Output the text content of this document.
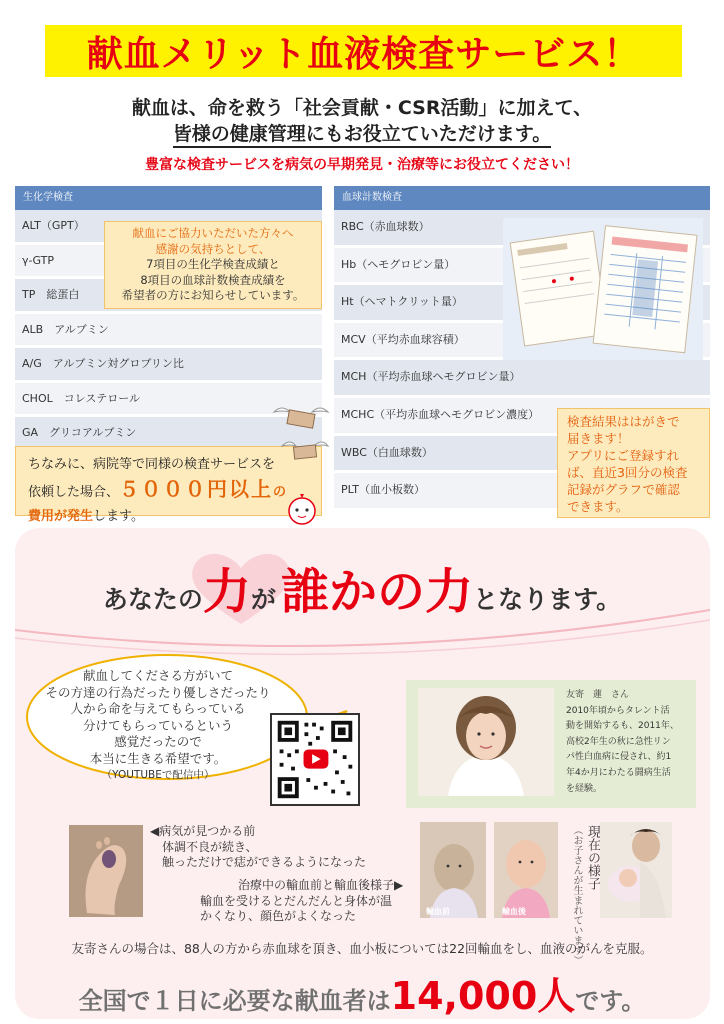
献血メリット血液検査サービス！
献血は、命を救う「社会貢献・CSR活動」に加えて、
皆様の健康管理にもお役立ていただけます。
豊富な検査サービスを病気の早期発見・治療等にお役立てください！
生化学検査
ALT（GPT）
γ-GTP
TP　総蛋白
ALB　アルブミン
A/G　アルブミン対グロブリン比
CHOL　コレステロール
GA　グリコアルブミン
血球計数検査
RBC（赤血球数）
Hb（ヘモグロビン量）
Ht（ヘマトクリット量）
MCV（平均赤血球容積）
MCH（平均赤血球ヘモグロビン量）
MCHC（平均赤血球ヘモグロビン濃度）
WBC（白血球数）
PLT（血小板数）
献血にご協力いただいた方々へ
感謝の気持ちとして、
7項目の生化学検査成績と
8項目の血球計数検査成績を
希望者の方にお知らせしています。
検査結果ははがきで
届きます！
アプリにご登録すれ
ば、直近3回分の検査
記録がグラフで確認
できます。
ちなみに、病院等で同様の検査サービスを
依頼した場合、５０００円以上の
費用が発生します。
あなたの力が 誰かの力となります。
献血してくださる方がいて
その方達の行為だったり優しさだったり
人から命を与えてもらっている
分けてもらっているという
感覚だったので
本当に生きる希望です。
（YOUTUBEで配信中）
友寄　蓮　さん
2010年頃からタレント活
動を開始するも、2011年、
高校2年生の秋に急性リン
パ性白血病に侵され、約1
年4か月にわたる闘病生活
を経験。
◀病気が見つかる前
　体調不良が続き、
　触っただけで痣ができるようになった
治療中の輸血前と輸血後様子▶
輸血を受けるとだんだんと身体が温
かくなり、顔色がよくなった	輸血前	輸血後
現在の様子
（お子さんが生まれています）
友寄さんの場合は、88人の方から赤血球を頂き、血小板については22回輸血をし、血液のがんを克服。
全国で１日に必要な献血者は14,000人です。
